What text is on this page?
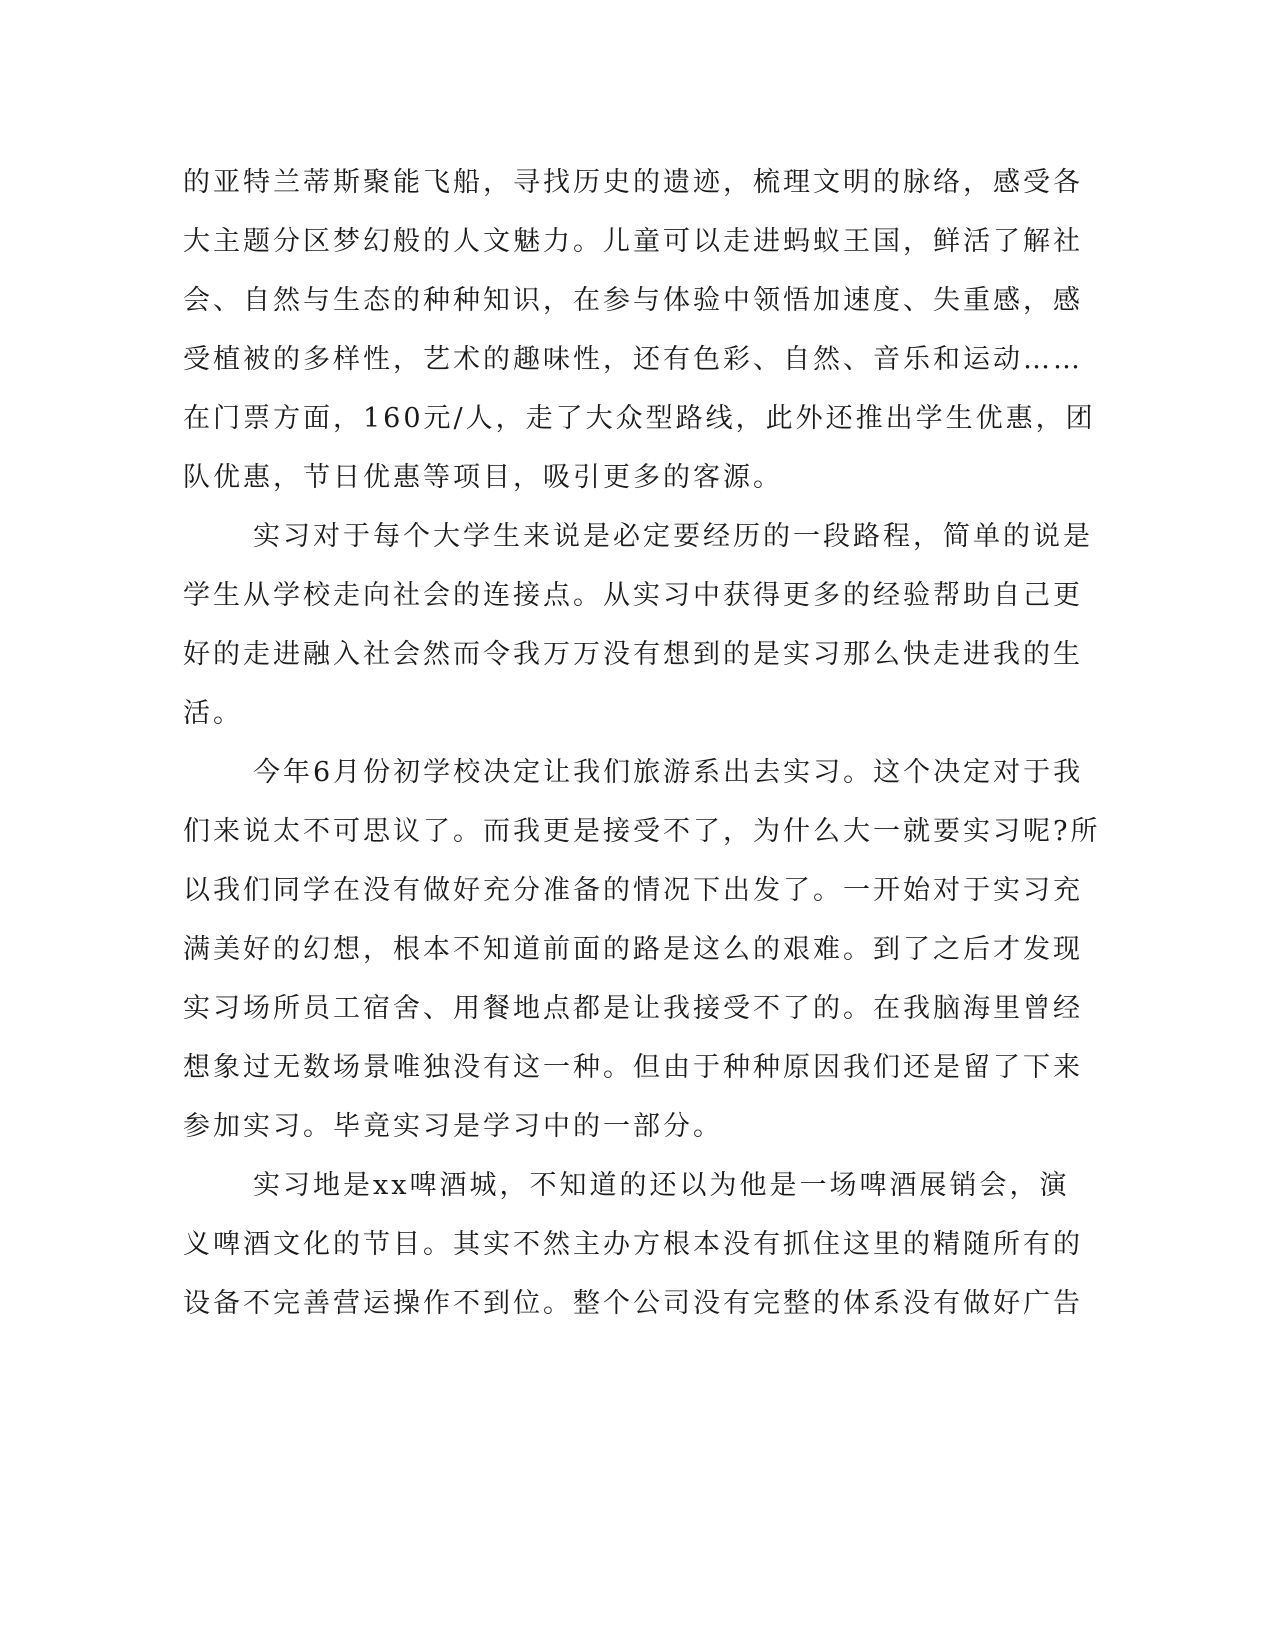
的亚特兰蒂斯聚能飞船，寻找历史的遗迹，梳理文明的脉络，感受各
大主题分区梦幻般的人文魅力。儿童可以走进蚂蚁王国，鲜活了解社
会、自然与生态的种种知识，在参与体验中领悟加速度、失重感，感
受植被的多样性，艺术的趣味性，还有色彩、自然、音乐和运动……
在门票方面，160元/人，走了大众型路线，此外还推出学生优惠，团
队优惠，节日优惠等项目，吸引更多的客源。
实习对于每个大学生来说是必定要经历的一段路程，简单的说是
学生从学校走向社会的连接点。从实习中获得更多的经验帮助自己更
好的走进融入社会然而令我万万没有想到的是实习那么快走进我的生
活。
今年6月份初学校决定让我们旅游系出去实习。这个决定对于我
们来说太不可思议了。而我更是接受不了，为什么大一就要实习呢?所
以我们同学在没有做好充分准备的情况下出发了。一开始对于实习充
满美好的幻想，根本不知道前面的路是这么的艰难。到了之后才发现
实习场所员工宿舍、用餐地点都是让我接受不了的。在我脑海里曾经
想象过无数场景唯独没有这一种。但由于种种原因我们还是留了下来
参加实习。毕竟实习是学习中的一部分。
实习地是xx啤酒城，不知道的还以为他是一场啤酒展销会，演
义啤酒文化的节目。其实不然主办方根本没有抓住这里的精随所有的
设备不完善营运操作不到位。整个公司没有完整的体系没有做好广告
